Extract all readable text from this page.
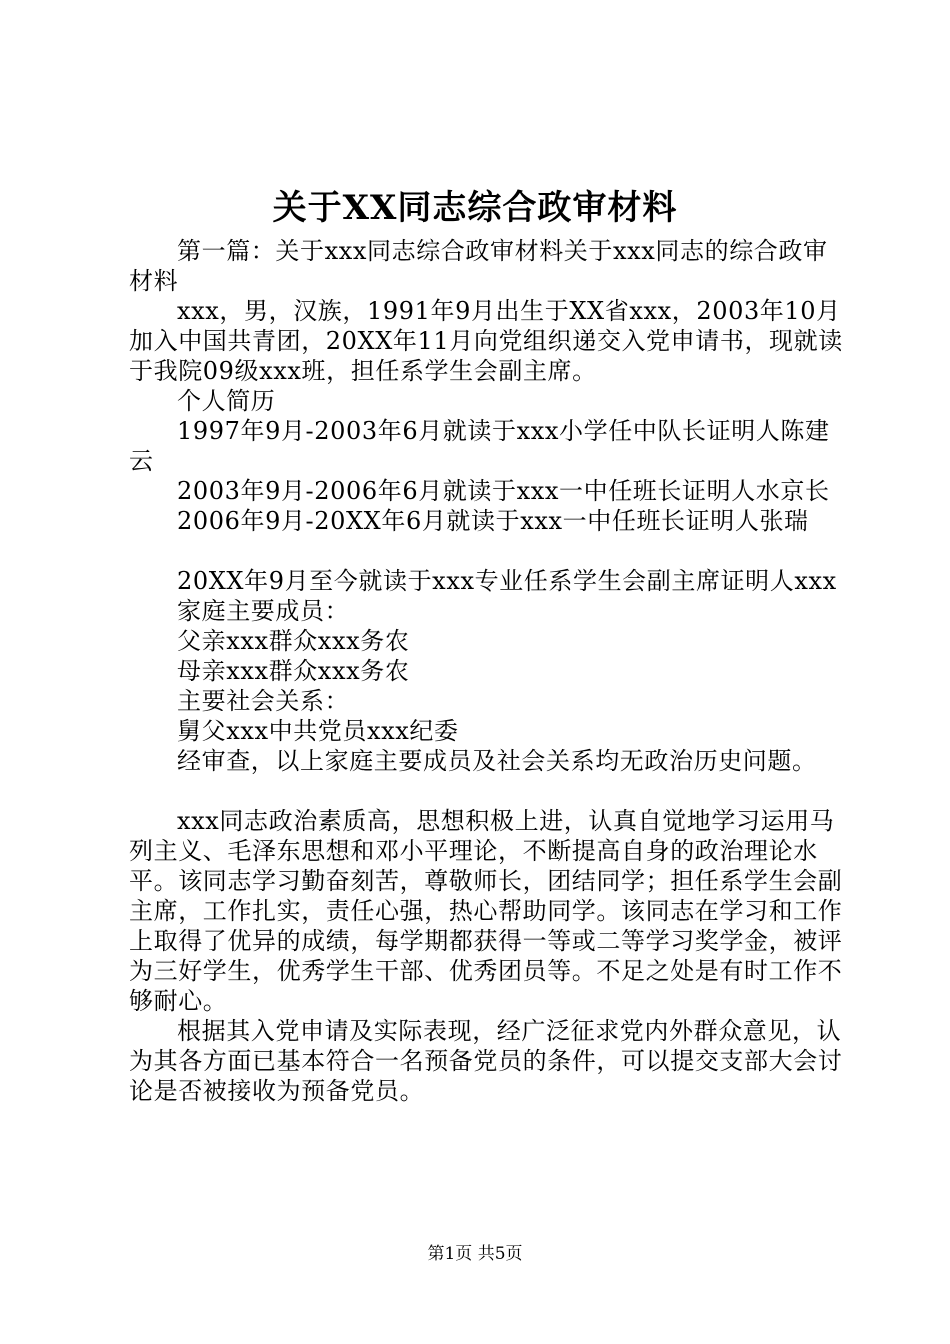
关于XX同志综合政审材料

第一篇：关于xxx同志综合政审材料关于xxx同志的综合政审材料

xxx，男，汉族，1991年9月出生于XX省xxx，2003年10月加入中国共青团，20XX年11月向党组织递交入党申请书，现就读于我院09级xxx班，担任系学生会副主席。

个人简历

1997年9月-2003年6月就读于xxx小学任中队长证明人陈建云

2003年9月-2006年6月就读于xxx一中任班长证明人水京长

2006年9月-20XX年6月就读于xxx一中任班长证明人张瑞

20XX年9月至今就读于xxx专业任系学生会副主席证明人xxx

家庭主要成员：

父亲xxx群众xxx务农

母亲xxx群众xxx务农

主要社会关系：

舅父xxx中共党员xxx纪委

经审查，以上家庭主要成员及社会关系均无政治历史问题。

xxx同志政治素质高，思想积极上进，认真自觉地学习运用马列主义、毛泽东思想和邓小平理论，不断提高自身的政治理论水平。该同志学习勤奋刻苦，尊敬师长，团结同学；担任系学生会副主席，工作扎实，责任心强，热心帮助同学。该同志在学习和工作上取得了优异的成绩，每学期都获得一等或二等学习奖学金，被评为三好学生，优秀学生干部、优秀团员等。不足之处是有时工作不够耐心。

根据其入党申请及实际表现，经广泛征求党内外群众意见，认为其各方面已基本符合一名预备党员的条件，可以提交支部大会讨论是否被接收为预备党员。

第1页 共5页
